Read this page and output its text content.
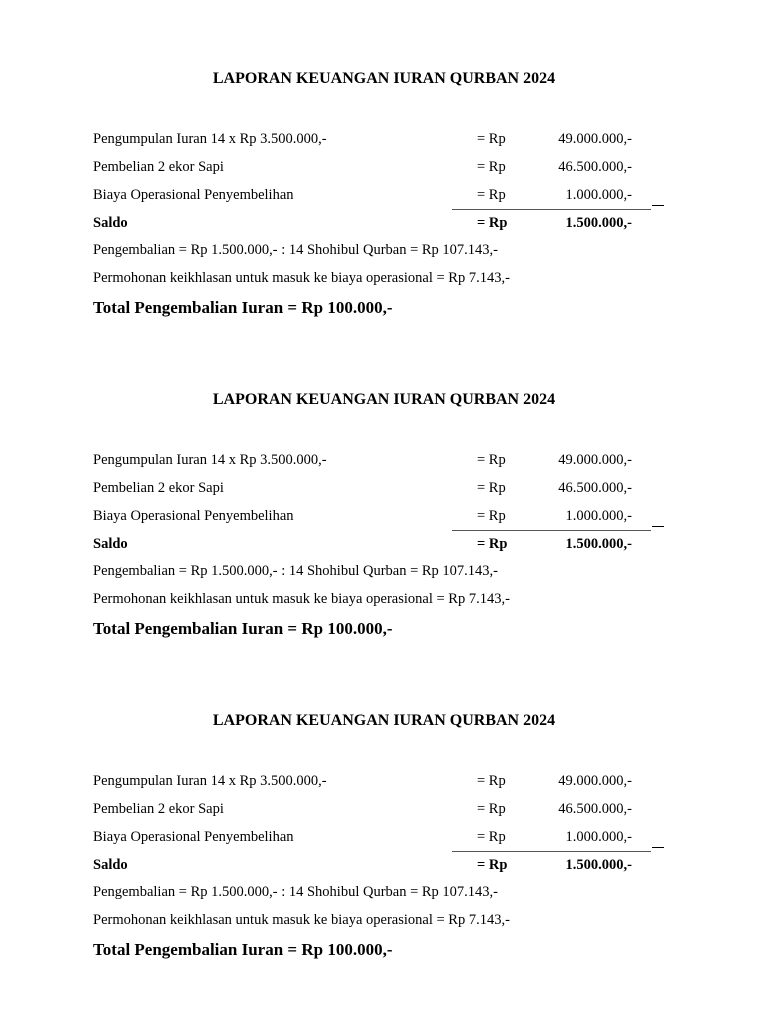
LAPORAN KEUANGAN IURAN QURBAN 2024
Pengumpulan Iuran 14 x Rp 3.500.000,-	= Rp	49.000.000,-
Pembelian 2 ekor Sapi	= Rp	46.500.000,-
Biaya Operasional Penyembelihan	= Rp	1.000.000,-
Saldo	= Rp	1.500.000,-
Pengembalian = Rp 1.500.000,- : 14 Shohibul Qurban = Rp 107.143,-
Permohonan keikhlasan untuk masuk ke biaya operasional = Rp 7.143,-
Total Pengembalian Iuran = Rp 100.000,-
LAPORAN KEUANGAN IURAN QURBAN 2024
Pengumpulan Iuran 14 x Rp 3.500.000,-	= Rp	49.000.000,-
Pembelian 2 ekor Sapi	= Rp	46.500.000,-
Biaya Operasional Penyembelihan	= Rp	1.000.000,-
Saldo	= Rp	1.500.000,-
Pengembalian = Rp 1.500.000,- : 14 Shohibul Qurban = Rp 107.143,-
Permohonan keikhlasan untuk masuk ke biaya operasional = Rp 7.143,-
Total Pengembalian Iuran = Rp 100.000,-
LAPORAN KEUANGAN IURAN QURBAN 2024
Pengumpulan Iuran 14 x Rp 3.500.000,-	= Rp	49.000.000,-
Pembelian 2 ekor Sapi	= Rp	46.500.000,-
Biaya Operasional Penyembelihan	= Rp	1.000.000,-
Saldo	= Rp	1.500.000,-
Pengembalian = Rp 1.500.000,- : 14 Shohibul Qurban = Rp 107.143,-
Permohonan keikhlasan untuk masuk ke biaya operasional = Rp 7.143,-
Total Pengembalian Iuran = Rp 100.000,-
